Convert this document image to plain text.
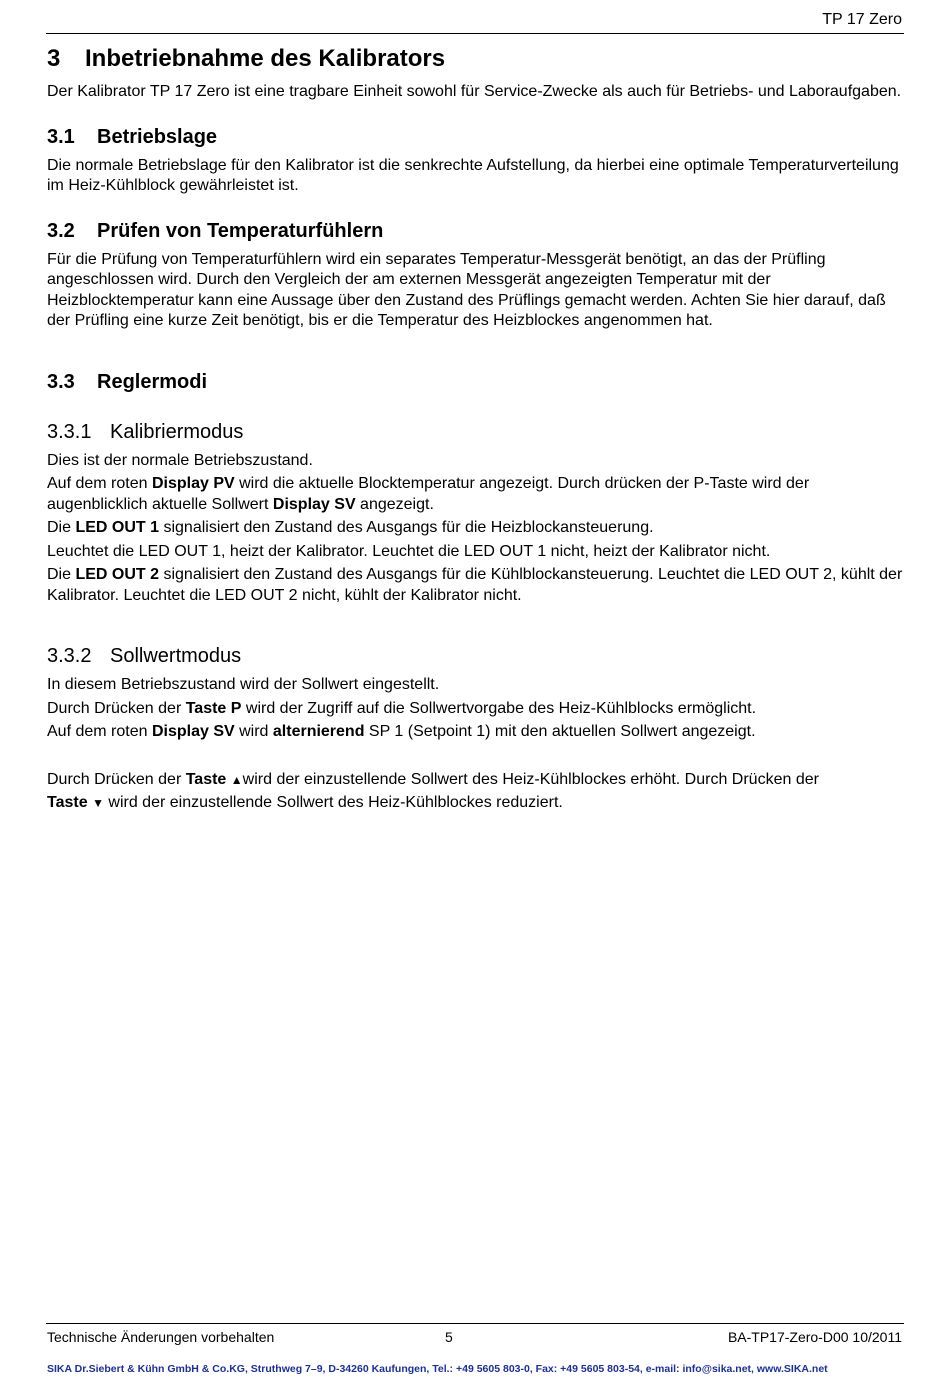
TP 17 Zero
3 Inbetriebnahme des Kalibrators

Der Kalibrator TP 17 Zero ist eine tragbare Einheit sowohl für Service-Zwecke als auch für Betriebs- und Laboraufgaben.

3.1 Betriebslage

Die normale Betriebslage für den Kalibrator ist die senkrechte Aufstellung, da hierbei eine optimale Temperaturverteilung im Heiz-Kühlblock gewährleistet ist.

3.2 Prüfen von Temperaturfühlern

Für die Prüfung von Temperaturfühlern wird ein separates Temperatur-Messgerät benötigt, an das der Prüfling angeschlossen wird. Durch den Vergleich der am externen Messgerät angezeigten Temperatur mit der Heizblocktemperatur kann eine Aussage über den Zustand des Prüflings gemacht werden. Achten Sie hier darauf, daß der Prüfling eine kurze Zeit benötigt, bis er die Temperatur des Heizblockes angenommen hat.

3.3 Reglermodi
3.3.1 Kalibriermodus

Dies ist der normale Betriebszustand.

Auf dem roten Display PV wird die aktuelle Blocktemperatur angezeigt. Durch drücken der P-Taste wird der augenblicklich aktuelle Sollwert Display SV angezeigt.

Die LED OUT 1 signalisiert den Zustand des Ausgangs für die Heizblockansteuerung.

Leuchtet die LED OUT 1, heizt der Kalibrator. Leuchtet die LED OUT 1 nicht, heizt der Kalibrator nicht.

Die LED OUT 2 signalisiert den Zustand des Ausgangs für die Kühlblockansteuerung. Leuchtet die LED OUT 2, kühlt der Kalibrator. Leuchtet die LED OUT 2 nicht, kühlt der Kalibrator nicht.

3.3.2 Sollwertmodus

In diesem Betriebszustand wird der Sollwert eingestellt.

Durch Drücken der Taste P wird der Zugriff auf die Sollwertvorgabe des Heiz-Kühlblocks ermöglicht.

Auf dem roten Display SV wird alternierend SP 1 (Setpoint 1) mit den aktuellen Sollwert angezeigt.

Durch Drücken der Taste ▲wird der einzustellende Sollwert des Heiz-Kühlblockes erhöht. Durch Drücken der

Taste ▼ wird der einzustellende Sollwert des Heiz-Kühlblockes reduziert.

Technische Änderungen vorbehalten	5	BA-TP17-Zero-D00 10/2011
SIKA Dr.Siebert & Kühn GmbH & Co.KG, Struthweg 7–9, D-34260 Kaufungen, Tel.: +49 5605 803-0, Fax: +49 5605 803-54, e-mail: info@sika.net, www.SIKA.net
